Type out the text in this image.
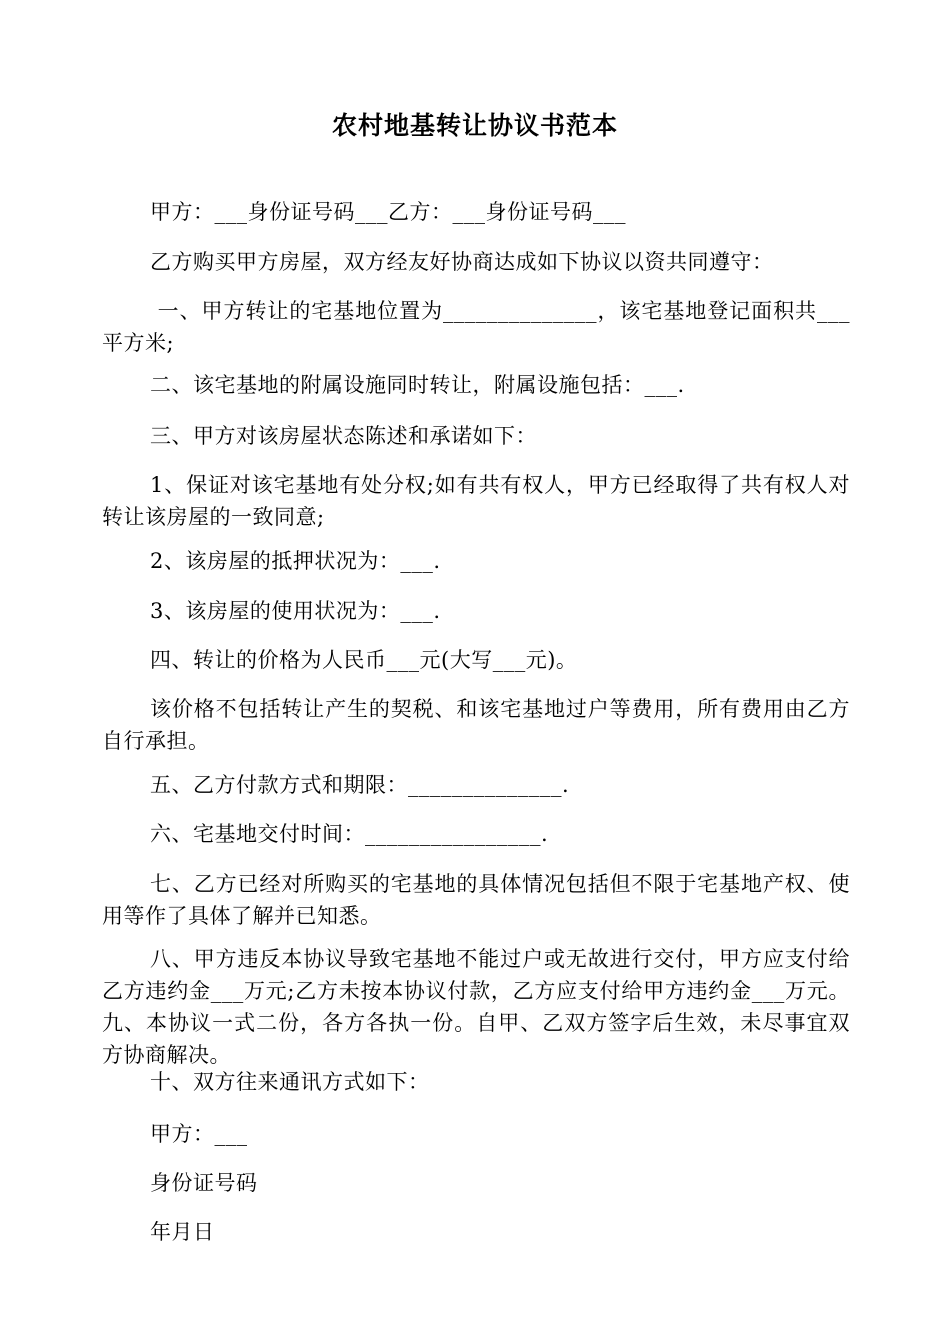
农村地基转让协议书范本

甲方：___身份证号码___乙方：___身份证号码___

乙方购买甲方房屋，双方经友好协商达成如下协议以资共同遵守：

一、甲方转让的宅基地位置为______________，该宅基地登记面积共___平方米;

二、该宅基地的附属设施同时转让，附属设施包括：___.

三、甲方对该房屋状态陈述和承诺如下：

1、保证对该宅基地有处分权;如有共有权人，甲方已经取得了共有权人对转让该房屋的一致同意;

2、该房屋的抵押状况为：___.

3、该房屋的使用状况为：___.

四、转让的价格为人民币___元(大写___元)。

该价格不包括转让产生的契税、和该宅基地过户等费用，所有费用由乙方自行承担。

五、乙方付款方式和期限：______________.

六、宅基地交付时间：________________.

七、乙方已经对所购买的宅基地的具体情况包括但不限于宅基地产权、使用等作了具体了解并已知悉。

八、甲方违反本协议导致宅基地不能过户或无故进行交付，甲方应支付给乙方违约金___万元;乙方未按本协议付款，乙方应支付给甲方违约金___万元。九、本协议一式二份，各方各执一份。自甲、乙双方签字后生效，未尽事宜双方协商解决。

十、双方往来通讯方式如下：

甲方：___

身份证号码

年月日
